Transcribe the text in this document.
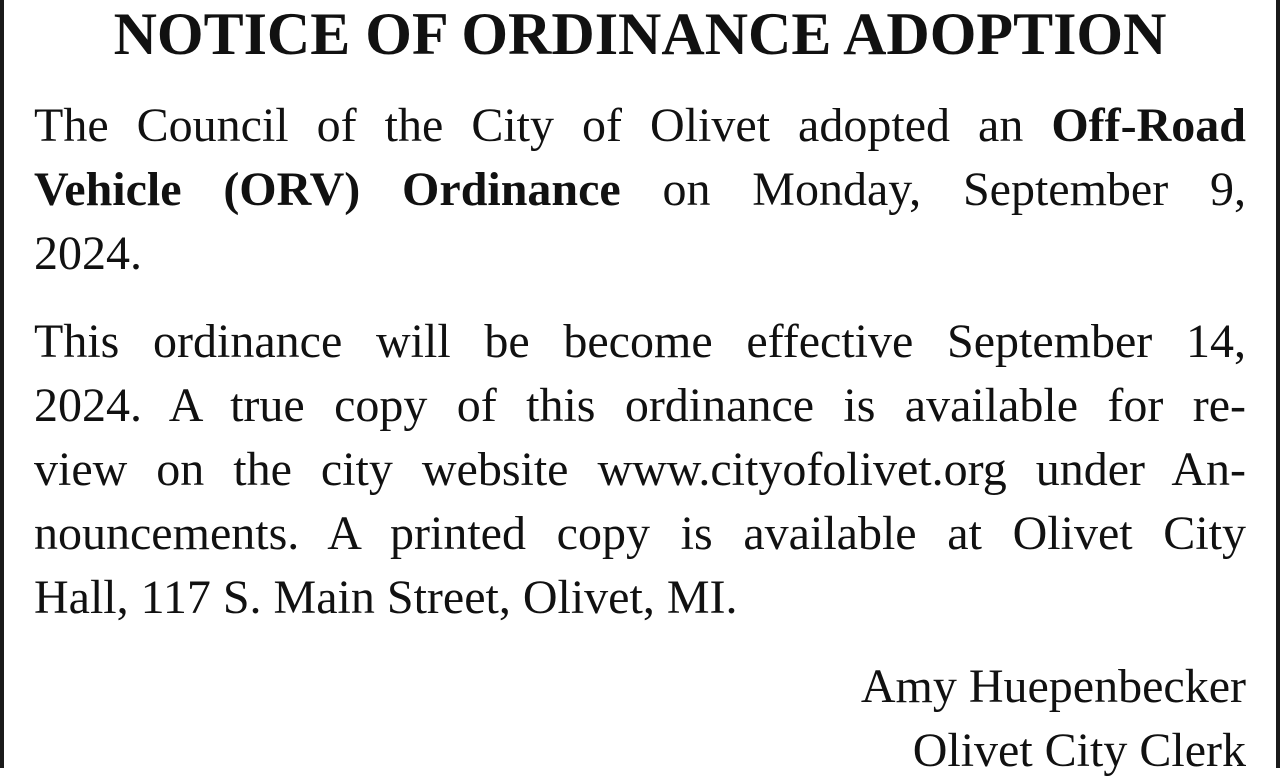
NOTICE OF ORDINANCE ADOPTION
The Council of the City of Olivet adopted an Off-Road
Vehicle (ORV) Ordinance on Monday, September 9,
2024.
This ordinance will be become effective September 14,
2024. A true copy of this ordinance is available for re-
view on the city website www.cityofolivet.org under An-
nouncements. A printed copy is available at Olivet City
Hall, 117 S. Main Street, Olivet, MI.
Amy Huepenbecker
Olivet City Clerk
